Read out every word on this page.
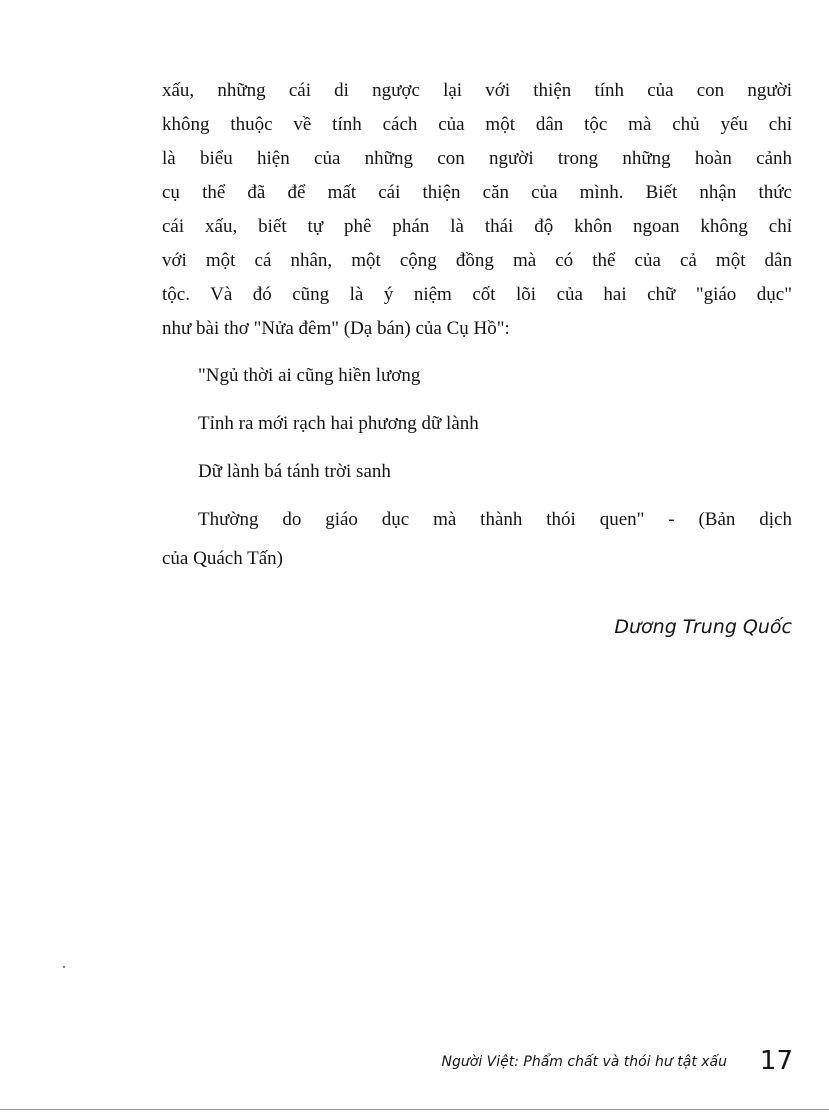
xấu, những cái di ngược lại với thiện tính của con người
không thuộc về tính cách của một dân tộc mà chủ yếu chỉ
là biểu hiện của những con người trong những hoàn cảnh
cụ thể đã để mất cái thiện căn của mình. Biết nhận thức
cái xấu, biết tự phê phán là thái độ khôn ngoan không chỉ
với một cá nhân, một cộng đồng mà có thể của cả một dân
tộc. Và đó cũng là ý niệm cốt lõi của hai chữ "giáo dục"
như bài thơ "Nửa đêm" (Dạ bán) của Cụ Hồ":
"Ngủ thời ai cũng hiền lương
Tỉnh ra mới rạch hai phương dữ lành
Dữ lành bá tánh trời sanh
Thường do giáo dục mà thành thói quen" - (Bản dịch
của Quách Tấn)
Dương Trung Quốc
Người Việt: Phẩm chất và thói hư tật xấu 17
